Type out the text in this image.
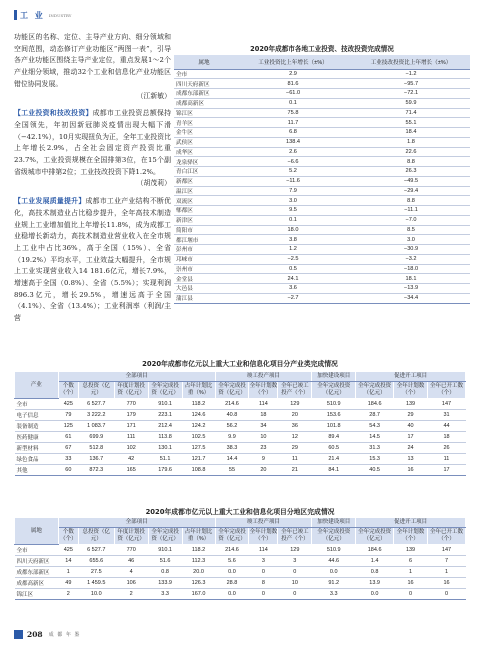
工 业 INDUSTRY

功能区的名称、定位、主导产业方向、细分领域和空间范围，动态修订产业功能区“两图一表”，引导各产业功能区围绕主导产业定位，重点发展1～2个产业细分领域，推动32个工业和信息化产业功能区错位协同发展。
（江新敏）

【工业投资和技改投资】成都市工业投资总额保持全国领先，年初因新冠肺炎疫情出现大幅下滑（−42.1%），10月实现扭负为正，全年工业投资比上年增长2.9%，占全社会固定资产投资比重23.7%，工业投资规模在全国排第3位，在15个副省级城市中排第2位；工业技改投资下降1.2%。
（胡茂莉）

【工业发展质量提升】成都市工业产业结构不断优化，高技术制造业占比稳步提升，全年高技术制造业规上工业增加值比上年增长11.8%，成为成都工业稳增长新动力，高技术制造业营业收入在全市规上工业中占比36%，高于全国（15%）、全省（19.2%）平均水平，工业效益大幅提升，全市规上工业实现营业收入14 181.6亿元，增长7.9%，增速高于全国（0.8%）、全省（5.5%）；实现利润896.3亿元，增长29.5%，增速远高于全国（4.1%）、全省（13.4%）；工业利润率（利润/主营

2020年成都市各地工业投资、技改投资完成情况
属地	工业投资比上年增长（±%）	工业技改投资比上年增长（±%）
全市	2.9	−1.2
四川天府新区	81.6	−95.7
成都东部新区	−61.0	−72.1
成都高新区	0.1	59.9
锦江区	75.8	71.4
青羊区	11.7	55.1
金牛区	6.8	18.4
武侯区	138.4	1.8
成华区	2.6	22.6
龙泉驿区	−6.6	8.8
青白江区	5.2	26.3
新都区	−11.6	−49.5
温江区	7.9	−29.4
双流区	3.0	8.8
郫都区	9.5	−11.1
新津区	0.1	−7.0
简阳市	18.0	8.5
都江堰市	3.8	3.0
彭州市	1.2	−30.9
邛崃市	−2.5	−3.2
崇州市	0.5	−18.0
金堂县	24.1	18.1
大邑县	3.6	−13.9
蒲江县	−2.7	−34.4
2020年成都市亿元以上重大工业和信息化项目分产业类完成情况
产业	全部项目					竣工投产项目			加快建设项目	促进开工项目		
	个数（个）	总投资（亿元）	年度计划投资（亿元）	全年完成投资（亿元）	占年计划比重（%）	全年完成投资（亿元）	全年计划数（个）	全年已竣工投产（个）	全年完成投资（亿元）	全年完成投资（亿元）	全年计划数（个）	全年已开工数（个）
全市	425	6 527.7	770	910.1	118.2	214.6	114	129	510.9	184.6	139	147
电子信息	79	3 222.2	179	223.1	124.6	40.8	18	20	153.6	28.7	29	31
装备制造	125	1 083.7	171	212.4	124.2	56.2	34	36	101.8	54.3	40	44
医药健康	61	699.9	111	113.8	102.5	9.9	10	12	89.4	14.5	17	18
新型材料	67	512.8	102	130.1	127.5	38.3	23	29	60.5	31.3	24	26
绿色食品	33	136.7	42	51.1	121.7	14.4	9	11	21.4	15.3	13	11
其他	60	872.3	165	179.6	108.8	55	20	21	84.1	40.5	16	17
2020年成都市亿元以上重大工业和信息化项目分地区完成情况
属地	全部项目					竣工投产项目			加快建设项目	促进开工项目		
	个数（个）	总投资（亿元）	年度计划投资（亿元）	全年完成投资（亿元）	占年计划比重（%）	全年完成投资（亿元）	全年计划数（个）	全年已竣工投产（个）	全年完成投资（亿元）	全年完成投资（亿元）	全年计划数（个）	全年已开工数（个）
全市	425	6 527.7	770	910.1	118.2	214.6	114	129	510.9	184.6	139	147
四川天府新区	14	655.6	46	51.6	112.3	5.6	3	3	44.6	1.4	6	7
成都东部新区	1	27.5	4	0.8	20.0	0.0	0	0	0.0	0.8	1	1
成都高新区	49	1 459.5	106	133.9	126.3	28.8	8	10	91.2	13.9	16	16
锦江区	2	10.0	2	3.3	167.0	0.0	0	0	3.3	0.0	0	0
208 成 都 年 鉴
